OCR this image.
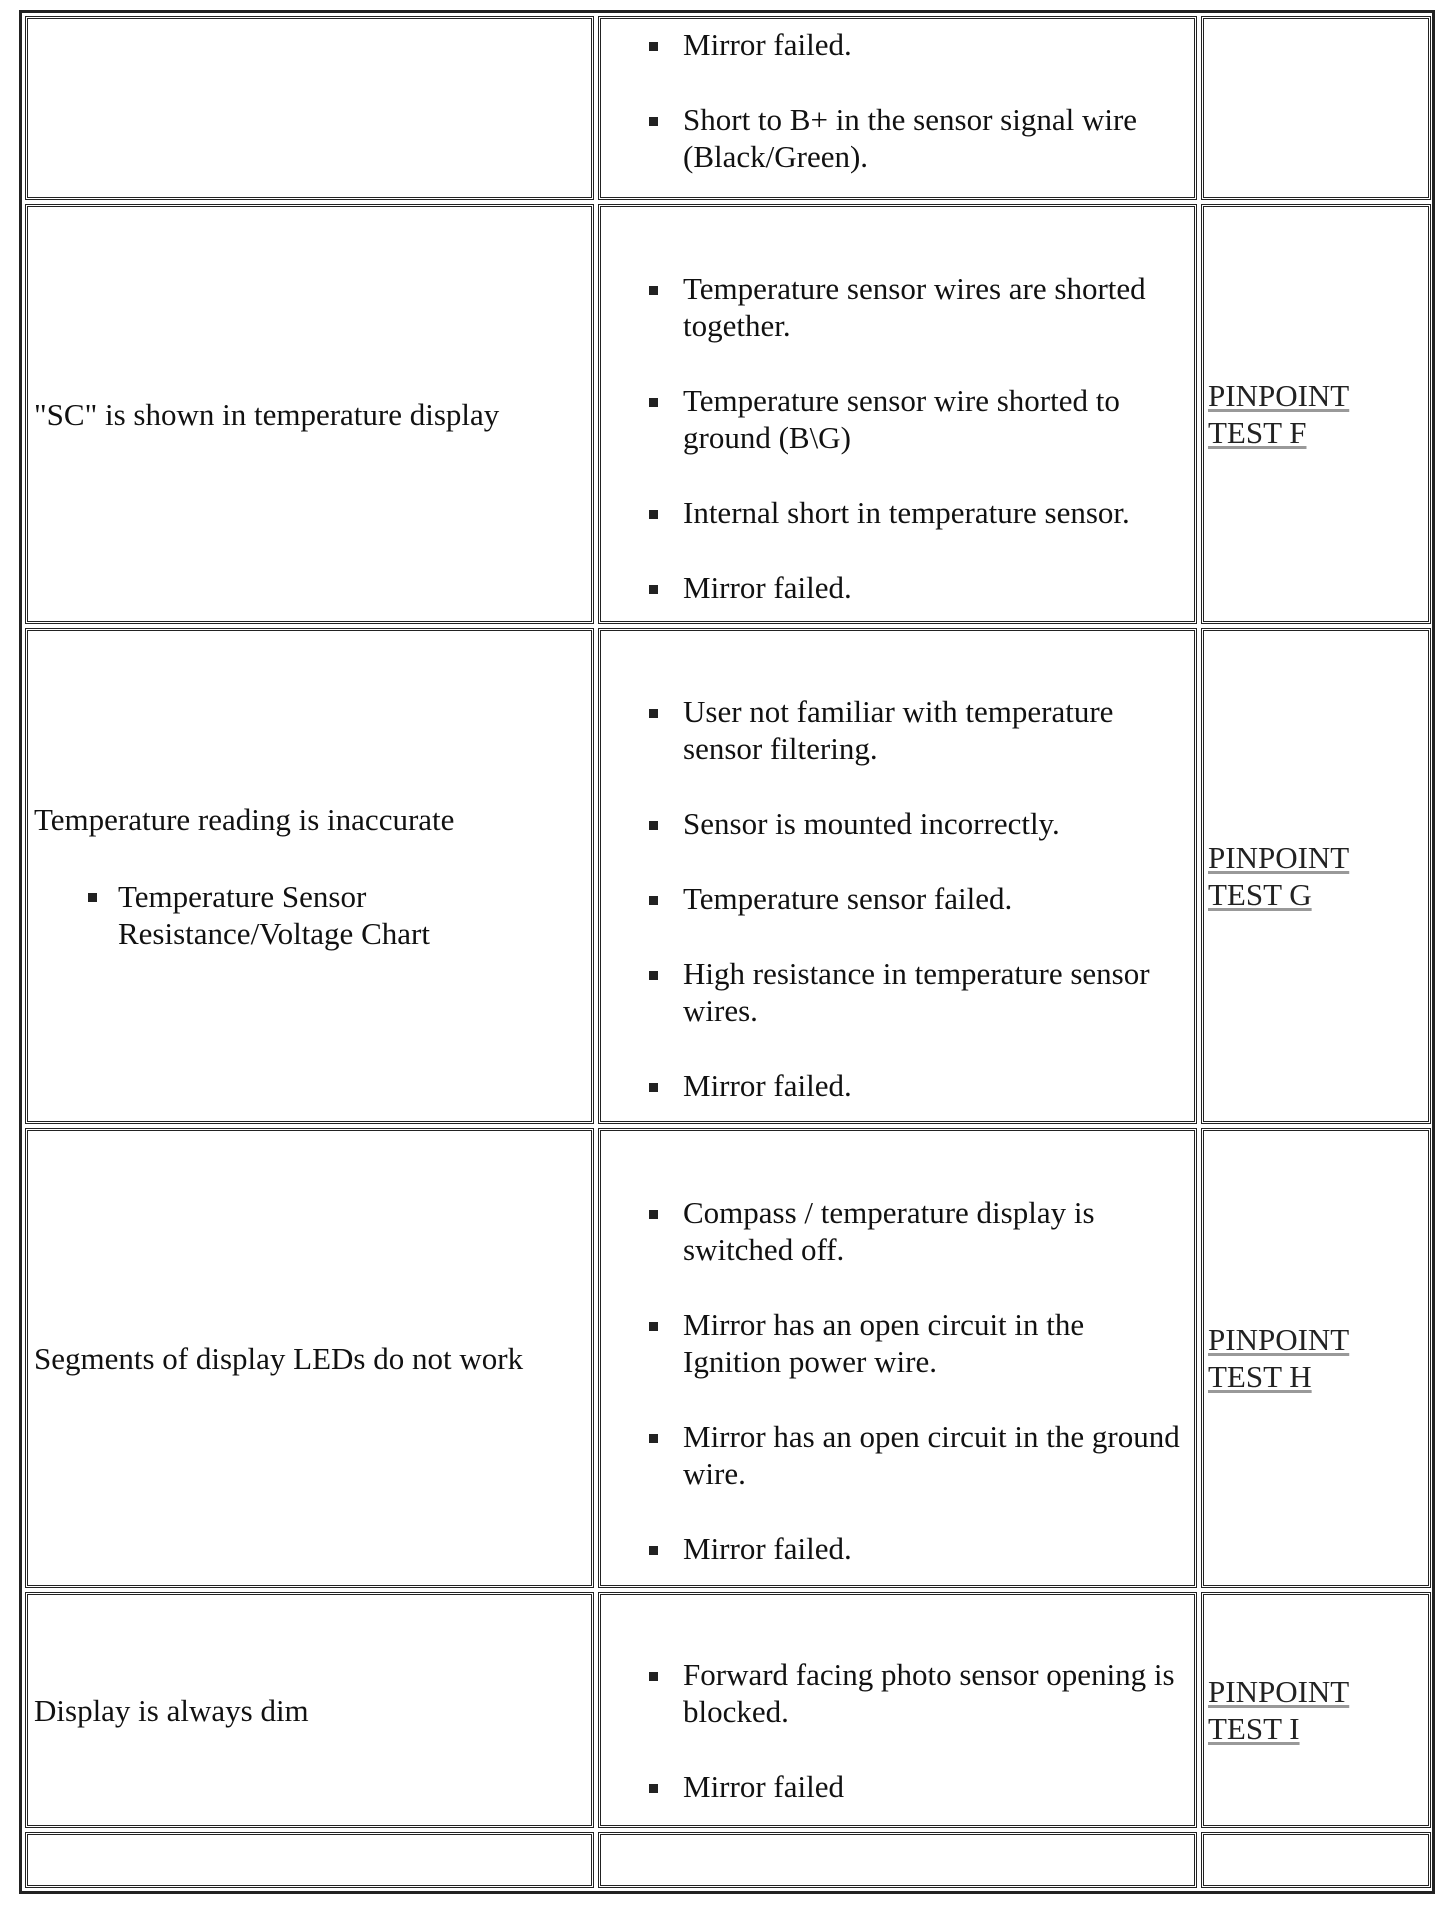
Mirror failed.
Short to B+ in the sensor signal wire (Black/Green).
"SC" is shown in temperature display
Temperature sensor wires are shorted together.
Temperature sensor wire shorted to ground (B\G)
Internal short in temperature sensor.
Mirror failed.
PINPOINT
TEST F
Temperature reading is inaccurate
Temperature Sensor
Resistance/Voltage Chart
User not familiar with temperature sensor filtering.
Sensor is mounted incorrectly.
Temperature sensor failed.
High resistance in temperature sensor wires.
Mirror failed.
PINPOINT
TEST G
Segments of display LEDs do not work
Compass / temperature display is switched off.
Mirror has an open circuit in the Ignition power wire.
Mirror has an open circuit in the ground wire.
Mirror failed.
PINPOINT
TEST H
Display is always dim
Forward facing photo sensor opening is blocked.
Mirror failed
PINPOINT
TEST I
